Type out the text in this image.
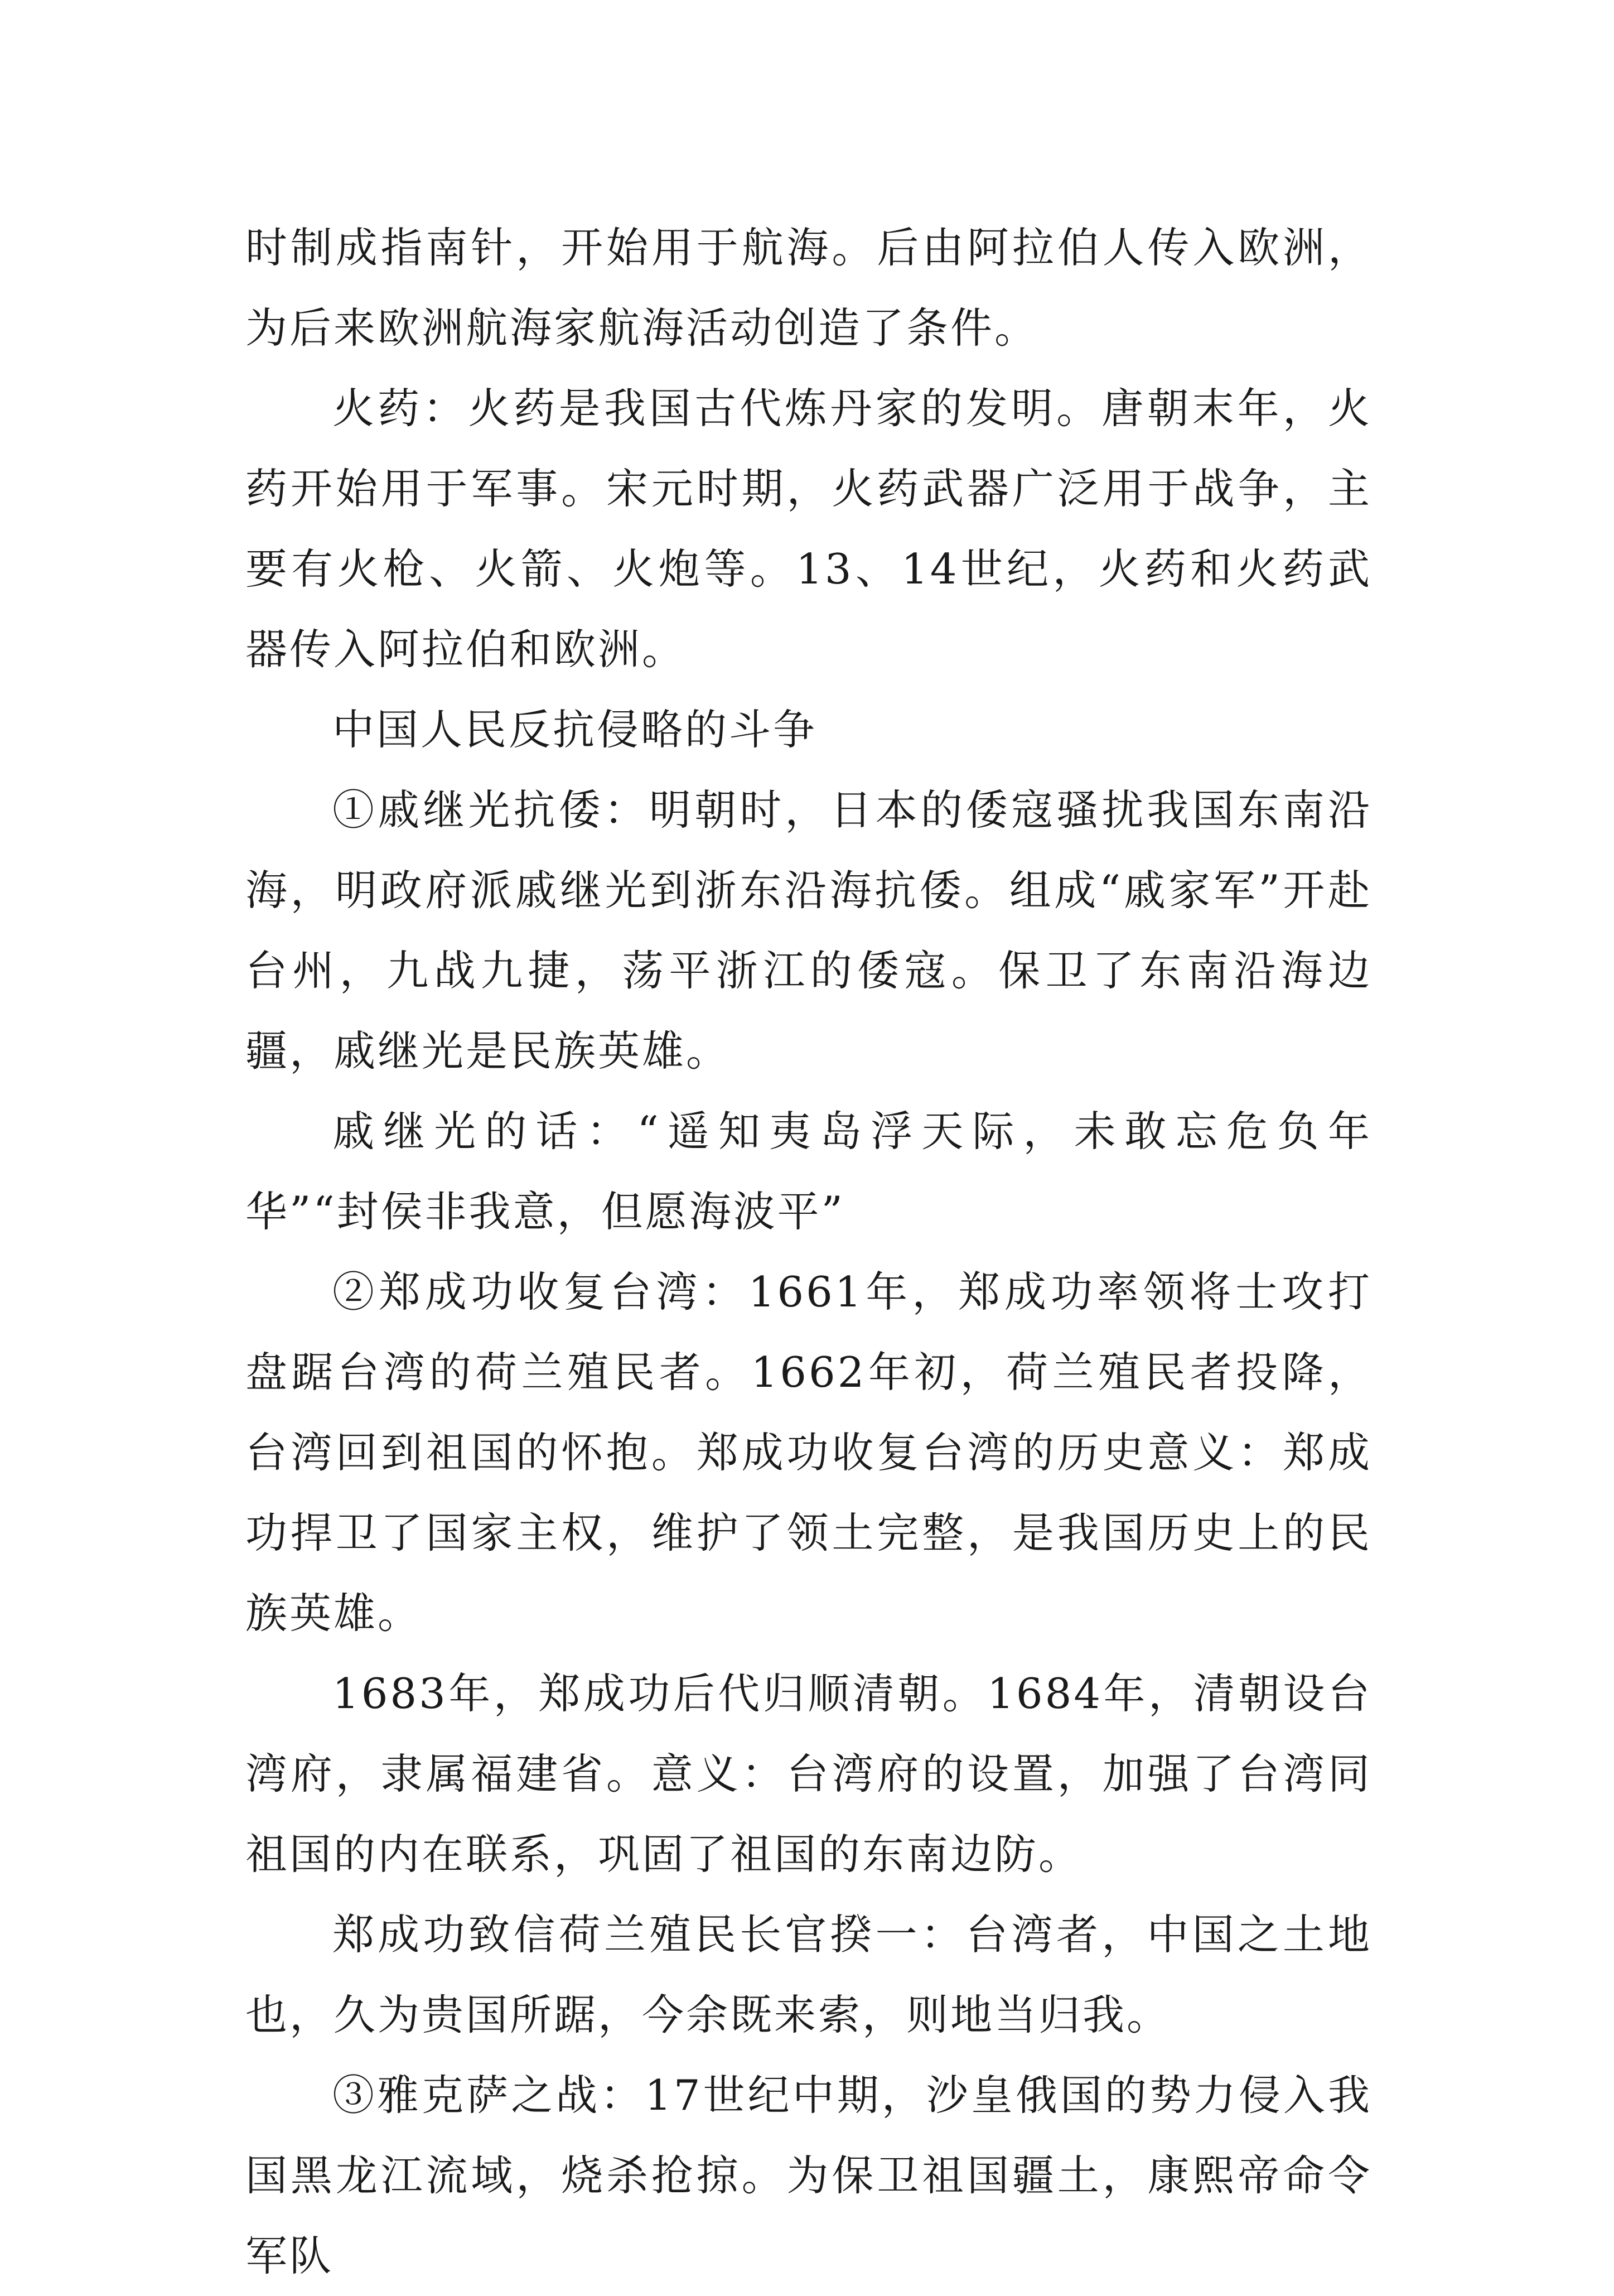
时制成指南针，开始用于航海。后由阿拉伯人传入欧洲，为后来欧洲航海家航海活动创造了条件。

火药：火药是我国古代炼丹家的发明。唐朝末年，火药开始用于军事。宋元时期，火药武器广泛用于战争，主要有火枪、火箭、火炮等。13、14世纪，火药和火药武器传入阿拉伯和欧洲。

中国人民反抗侵略的斗争

①戚继光抗倭：明朝时，日本的倭寇骚扰我国东南沿海，明政府派戚继光到浙东沿海抗倭。组成“戚家军”开赴台州，九战九捷，荡平浙江的倭寇。保卫了东南沿海边疆，戚继光是民族英雄。

戚继光的话：“遥知夷岛浮天际，未敢忘危负年华”“封侯非我意，但愿海波平”

②郑成功收复台湾：1661年，郑成功率领将士攻打盘踞台湾的荷兰殖民者。1662年初，荷兰殖民者投降，台湾回到祖国的怀抱。郑成功收复台湾的历史意义：郑成功捍卫了国家主权，维护了领土完整，是我国历史上的民族英雄。

1683年，郑成功后代归顺清朝。1684年，清朝设台湾府，隶属福建省。意义：台湾府的设置，加强了台湾同祖国的内在联系，巩固了祖国的东南边防。

郑成功致信荷兰殖民长官揆一：台湾者，中国之土地也，久为贵国所踞，今余既来索，则地当归我。

③雅克萨之战：17世纪中期，沙皇俄国的势力侵入我国黑龙江流域，烧杀抢掠。为保卫祖国疆土，康熙帝命令军队
